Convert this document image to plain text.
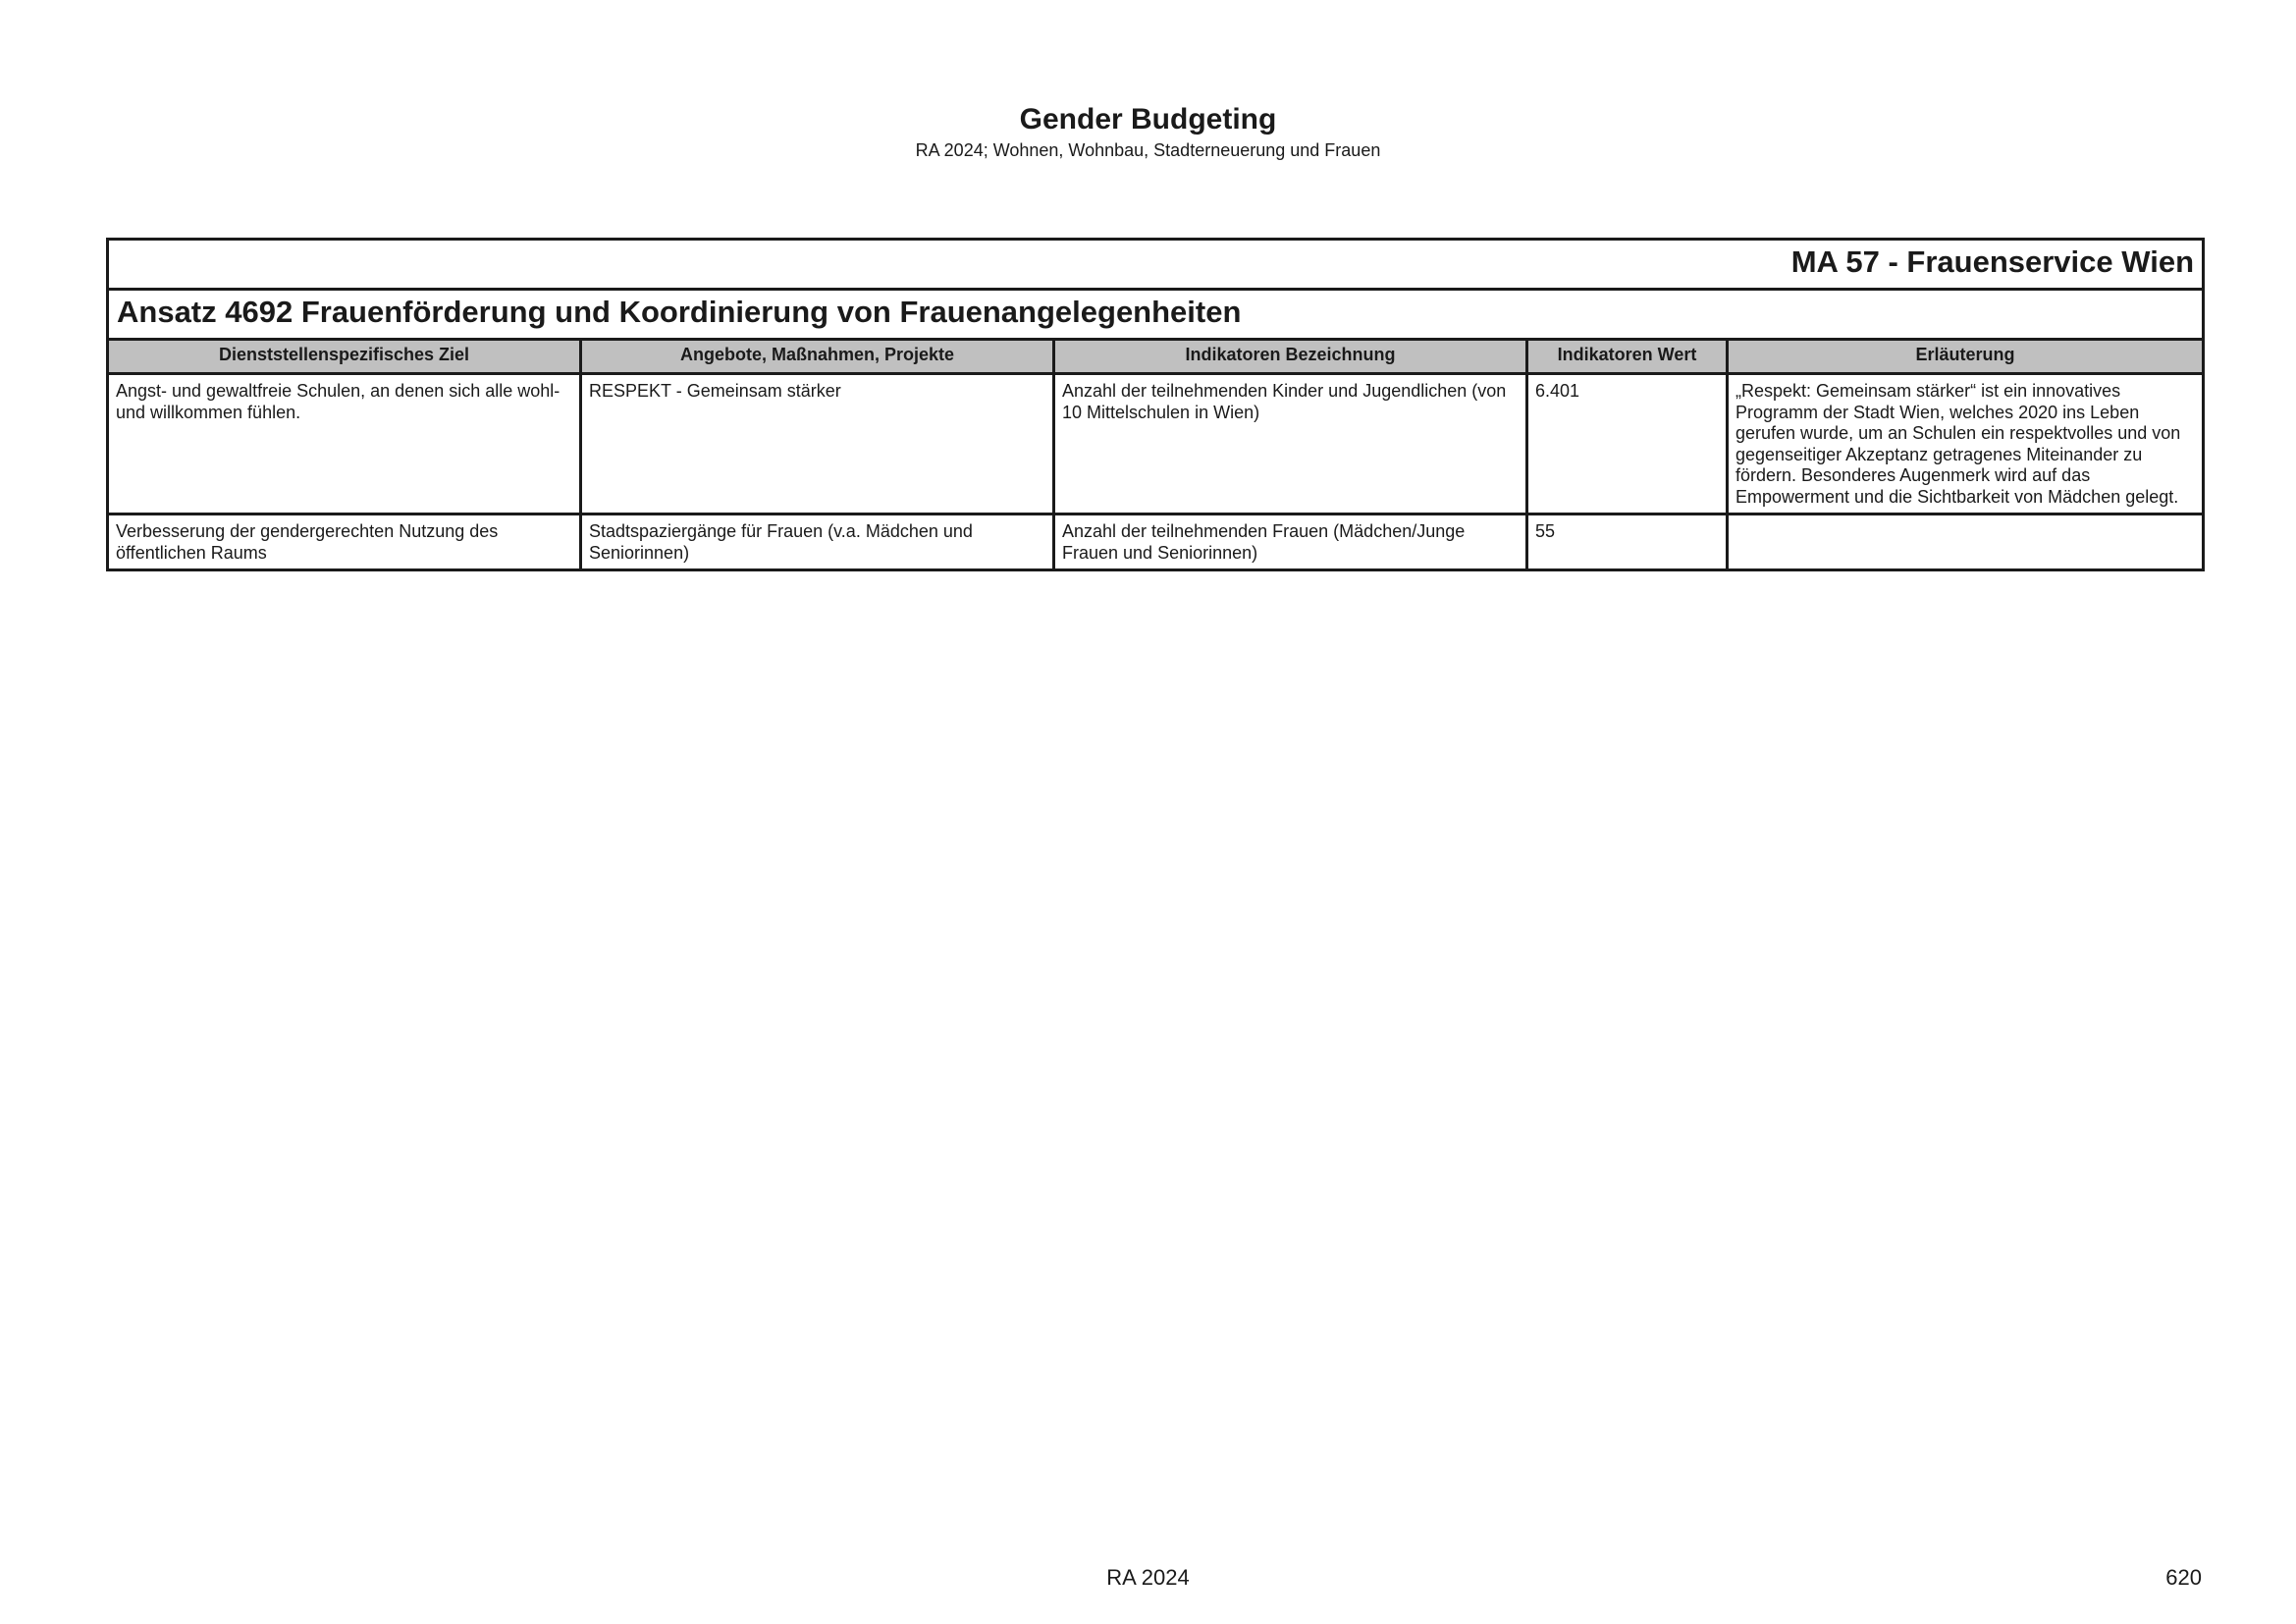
Gender Budgeting
RA 2024; Wohnen, Wohnbau, Stadterneuerung und Frauen
MA 57 - Frauenservice Wien				
Ansatz 4692 Frauenförderung und Koordinierung von Frauenangelegenheiten				
Dienststellenspezifisches Ziel	Angebote, Maßnahmen, Projekte	Indikatoren Bezeichnung	Indikatoren Wert	Erläuterung
Angst- und gewaltfreie Schulen, an denen sich alle wohl- und willkommen fühlen.	RESPEKT - Gemeinsam stärker	Anzahl der teilnehmenden Kinder und Jugendlichen (von 10 Mittelschulen in Wien)	6.401	„Respekt: Gemeinsam stärker“ ist ein innovatives Programm der Stadt Wien, welches 2020 ins Leben gerufen wurde, um an Schulen ein respektvolles und von gegenseitiger Akzeptanz getragenes Miteinander zu fördern. Besonderes Augenmerk wird auf das Empowerment und die Sichtbarkeit von Mädchen gelegt.
Verbesserung der gendergerechten Nutzung des öffentlichen Raums	Stadtspaziergänge für Frauen (v.a. Mädchen und Seniorinnen)	Anzahl der teilnehmenden Frauen (Mädchen/Junge Frauen und Seniorinnen)	55	
RA 2024	620
